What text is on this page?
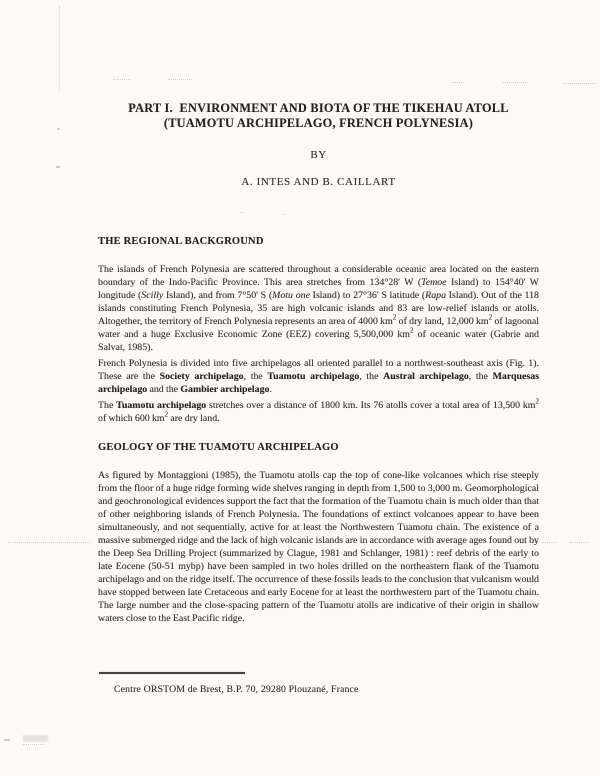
PART I.  ENVIRONMENT AND BIOTA OF THE TIKEHAU ATOLL
(TUAMOTU ARCHIPELAGO, FRENCH POLYNESIA)
BY
A. INTES AND B. CAILLART
THE REGIONAL BACKGROUND

The islands of French Polynesia are scattered throughout a considerable oceanic area located on the eastern boundary of the Indo-Pacific Province. This area stretches from 134°28' W (Temoe Island) to 154°40' W longitude (Scilly Island), and from 7°50' S (Motu one Island) to 27°36' S latitude (Rapa Island). Out of the 118 islands constituting French Polynesia, 35 are high volcanic islands and 83 are low-relief islands or atolls. Altogether, the territory of French Polynesia represents an area of 4000 $km^2$ of dry land, 12,000 $km^2$ of lagoonal water and a huge Exclusive Economic Zone (EEZ) covering 5,500,000 $km^2$ of oceanic water (Gabrie and Salvat, 1985).

French Polynesia is divided into five archipelagos all oriented parallel to a northwest-southeast axis (Fig. 1). These are the Society archipelago, the Tuamotu archipelago, the Austral archipelago, the Marquesas archipelago and the Gambier archipelago.

The Tuamotu archipelago stretches over a distance of 1800 km. Its 76 atolls cover a total area of 13,500 $km^2$ of which 600 $km^2$ are dry land.

GEOLOGY OF THE TUAMOTU ARCHIPELAGO

As figured by Montaggioni (1985), the Tuamotu atolls cap the top of cone-like volcanoes which rise steeply from the floor of a huge ridge forming wide shelves ranging in depth from 1,500 to 3,000 m. Geomorphological and geochronological evidences support the fact that the formation of the Tuamotu chain is much older than that of other neighboring islands of French Polynesia. The foundations of extinct volcanoes appear to have been simultaneously, and not sequentially, active for at least the Northwestern Tuamotu chain. The existence of a massive submerged ridge and the lack of high volcanic islands are in accordance with average ages found out by the Deep Sea Drilling Project (summarized by Clague, 1981 and Schlanger, 1981) : reef debris of the early to late Eocene (50-51 mybp) have been sampled in two holes drilled on the northeastern flank of the Tuamotu archipelago and on the ridge itself. The occurrence of these fossils leads to the conclusion that vulcanism would have stopped between late Cretaceous and early Eocene for at least the northwestern part of the Tuamotu chain. The large number and the close-spacing pattern of the Tuamotu atolls are indicative of their origin in shallow waters close to the East Pacific ridge.

Centre ORSTOM de Brest, B.P. 70, 29280 Plouzané, France
